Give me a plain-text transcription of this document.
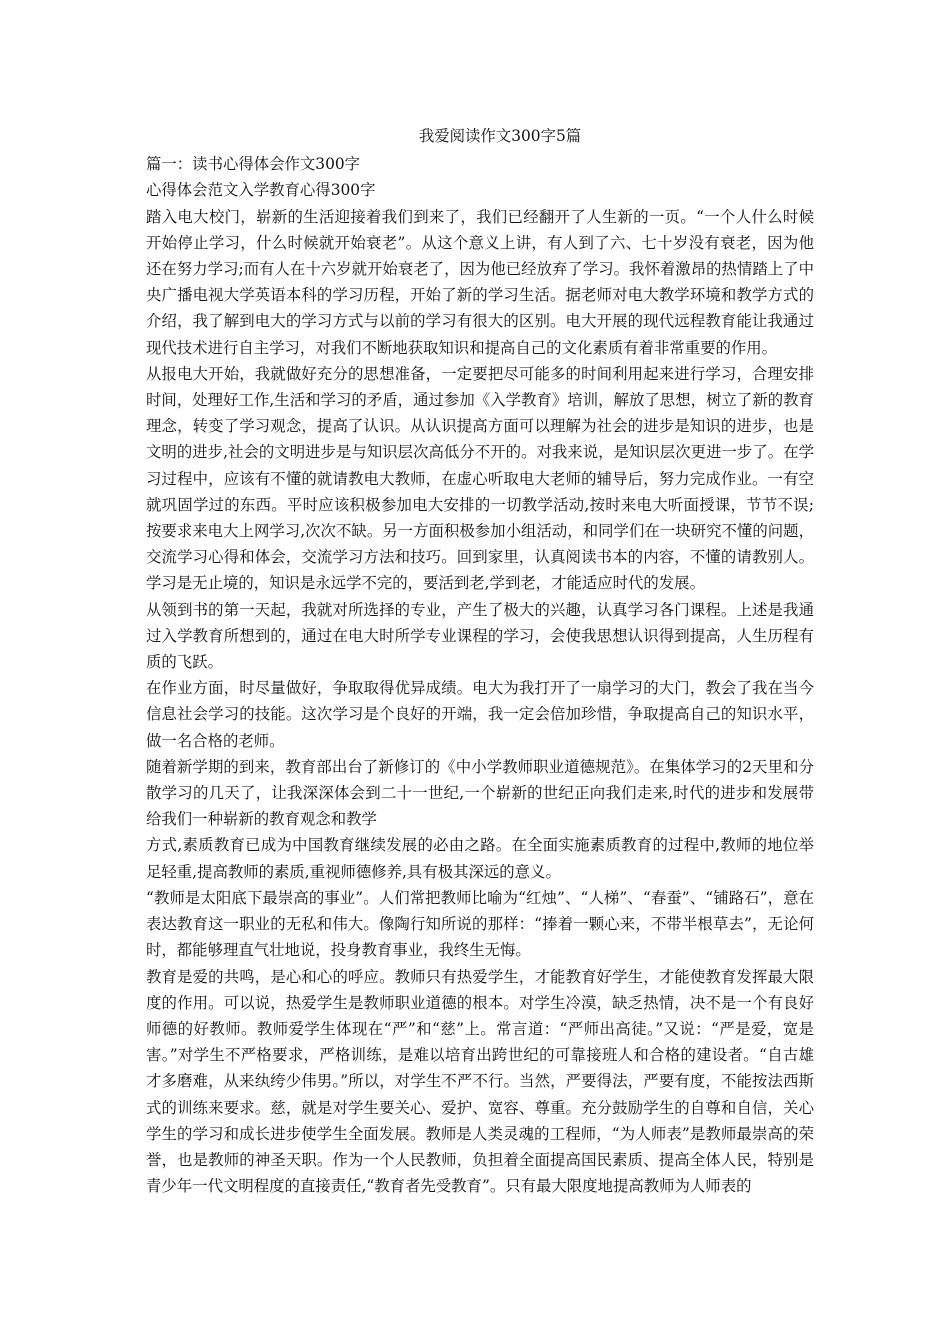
我爱阅读作文300字5篇
篇一：读书心得体会作文300字
心得体会范文入学教育心得300字

踏入电大校门，崭新的生活迎接着我们到来了，我们已经翻开了人生新的一页。“一个人什么时候开始停止学习，什么时候就开始衰老”。从这个意义上讲，有人到了六、七十岁没有衰老，因为他还在努力学习;而有人在十六岁就开始衰老了，因为他已经放弃了学习。我怀着激昂的热情踏上了中央广播电视大学英语本科的学习历程，开始了新的学习生活。据老师对电大教学环境和教学方式的介绍，我了解到电大的学习方式与以前的学习有很大的区别。电大开展的现代远程教育能让我通过现代技术进行自主学习，对我们不断地获取知识和提高自己的文化素质有着非常重要的作用。

从报电大开始，我就做好充分的思想准备，一定要把尽可能多的时间利用起来进行学习，合理安排时间，处理好工作,生活和学习的矛盾，通过参加《入学教育》培训，解放了思想，树立了新的教育理念，转变了学习观念，提高了认识。从认识提高方面可以理解为社会的进步是知识的进步，也是文明的进步,社会的文明进步是与知识层次高低分不开的。对我来说，是知识层次更进一步了。在学习过程中，应该有不懂的就请教电大教师，在虚心听取电大老师的辅导后，努力完成作业。一有空就巩固学过的东西。平时应该积极参加电大安排的一切教学活动,按时来电大听面授课，节节不误;按要求来电大上网学习,次次不缺。另一方面积极参加小组活动，和同学们在一块研究不懂的问题，交流学习心得和体会，交流学习方法和技巧。回到家里，认真阅读书本的内容，不懂的请教别人。学习是无止境的，知识是永远学不完的，要活到老,学到老，才能适应时代的发展。

从领到书的第一天起，我就对所选择的专业，产生了极大的兴趣，认真学习各门课程。上述是我通过入学教育所想到的，通过在电大时所学专业课程的学习，会使我思想认识得到提高，人生历程有质的飞跃。

在作业方面，时尽量做好，争取取得优异成绩。电大为我打开了一扇学习的大门，教会了我在当今信息社会学习的技能。这次学习是个良好的开端，我一定会倍加珍惜，争取提高自己的知识水平，做一名合格的老师。

随着新学期的到来，教育部出台了新修订的《中小学教师职业道德规范》。在集体学习的2天里和分散学习的几天了，让我深深体会到二十一世纪,一个崭新的世纪正向我们走来,时代的进步和发展带给我们一种崭新的教育观念和教学

方式,素质教育已成为中国教育继续发展的必由之路。在全面实施素质教育的过程中,教师的地位举足轻重,提高教师的素质,重视师德修养,具有极其深远的意义。

“教师是太阳底下最崇高的事业”。人们常把教师比喻为“红烛”、“人梯”、“春蚕”、“铺路石”，意在表达教育这一职业的无私和伟大。像陶行知所说的那样：“捧着一颗心来，不带半根草去”，无论何时，都能够理直气壮地说，投身教育事业，我终生无悔。

教育是爱的共鸣，是心和心的呼应。教师只有热爱学生，才能教育好学生，才能使教育发挥最大限度的作用。可以说，热爱学生是教师职业道德的根本。对学生冷漠，缺乏热情，决不是一个有良好师德的好教师。教师爱学生体现在“严”和“慈”上。常言道：“严师出高徒。”又说：“严是爱，宽是害。”对学生不严格要求，严格训练，是难以培育出跨世纪的可靠接班人和合格的建设者。“自古雄才多磨难，从来纨绔少伟男。”所以，对学生不严不行。当然，严要得法，严要有度，不能按法西斯式的训练来要求。慈，就是对学生要关心、爱护、宽容、尊重。充分鼓励学生的自尊和自信，关心学生的学习和成长进步使学生全面发展。教师是人类灵魂的工程师，“为人师表”是教师最崇高的荣誉，也是教师的神圣天职。作为一个人民教师，负担着全面提高国民素质、提高全体人民，特别是青少年一代文明程度的直接责任,“教育者先受教育”。只有最大限度地提高教师为人师表的
